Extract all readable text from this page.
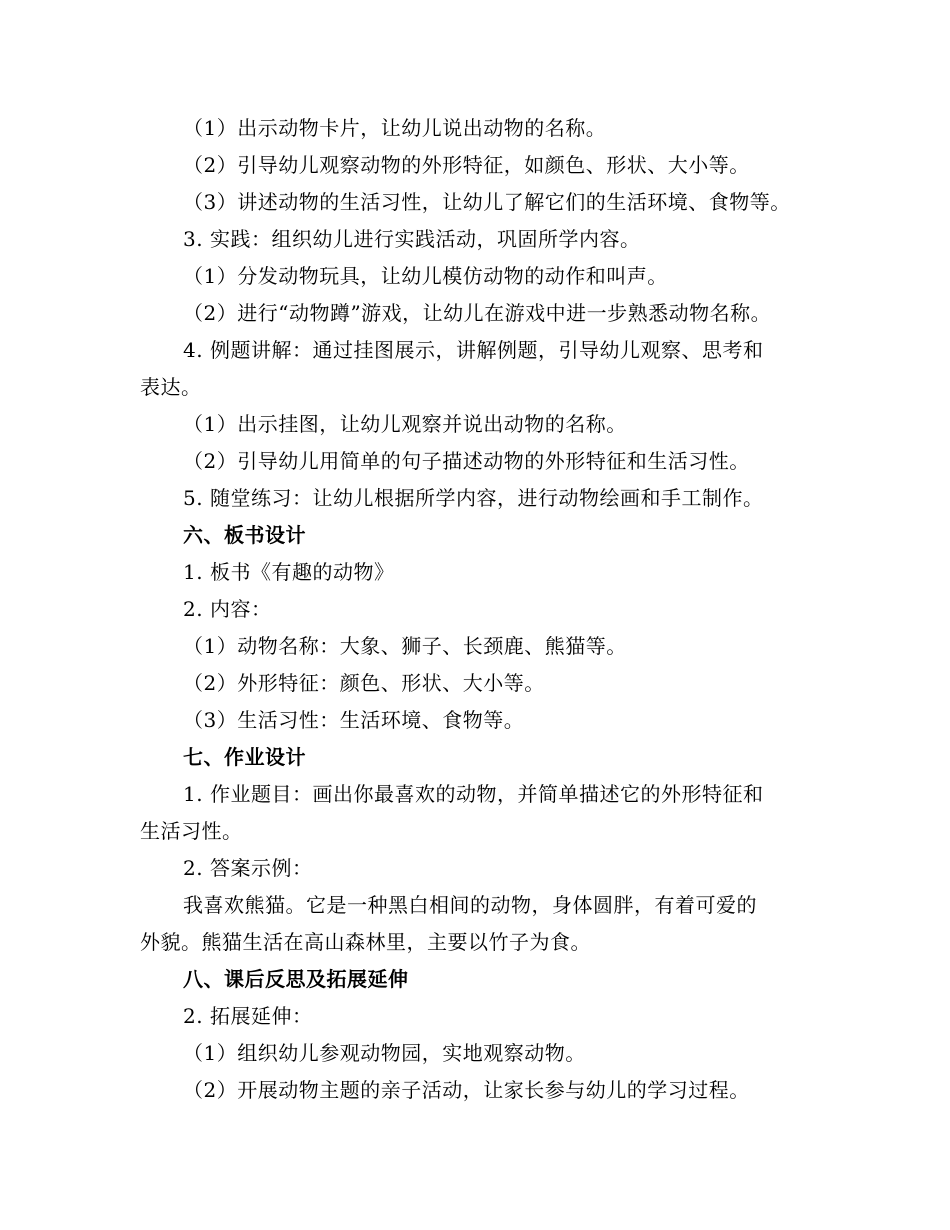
（1）出示动物卡片，让幼儿说出动物的名称。
（2）引导幼儿观察动物的外形特征，如颜色、形状、大小等。
（3）讲述动物的生活习性，让幼儿了解它们的生活环境、食物等。
3. 实践：组织幼儿进行实践活动，巩固所学内容。
（1）分发动物玩具，让幼儿模仿动物的动作和叫声。
（2）进行“动物蹲”游戏，让幼儿在游戏中进一步熟悉动物名称。
4. 例题讲解：通过挂图展示，讲解例题，引导幼儿观察、思考和
表达。
（1）出示挂图，让幼儿观察并说出动物的名称。
（2）引导幼儿用简单的句子描述动物的外形特征和生活习性。
5. 随堂练习：让幼儿根据所学内容，进行动物绘画和手工制作。
六、板书设计
1. 板书《有趣的动物》
2. 内容：
（1）动物名称：大象、狮子、长颈鹿、熊猫等。
（2）外形特征：颜色、形状、大小等。
（3）生活习性：生活环境、食物等。
七、作业设计
1. 作业题目：画出你最喜欢的动物，并简单描述它的外形特征和
生活习性。
2. 答案示例：
我喜欢熊猫。它是一种黑白相间的动物，身体圆胖，有着可爱的
外貌。熊猫生活在高山森林里，主要以竹子为食。
八、课后反思及拓展延伸
2. 拓展延伸：
（1）组织幼儿参观动物园，实地观察动物。
（2）开展动物主题的亲子活动，让家长参与幼儿的学习过程。
